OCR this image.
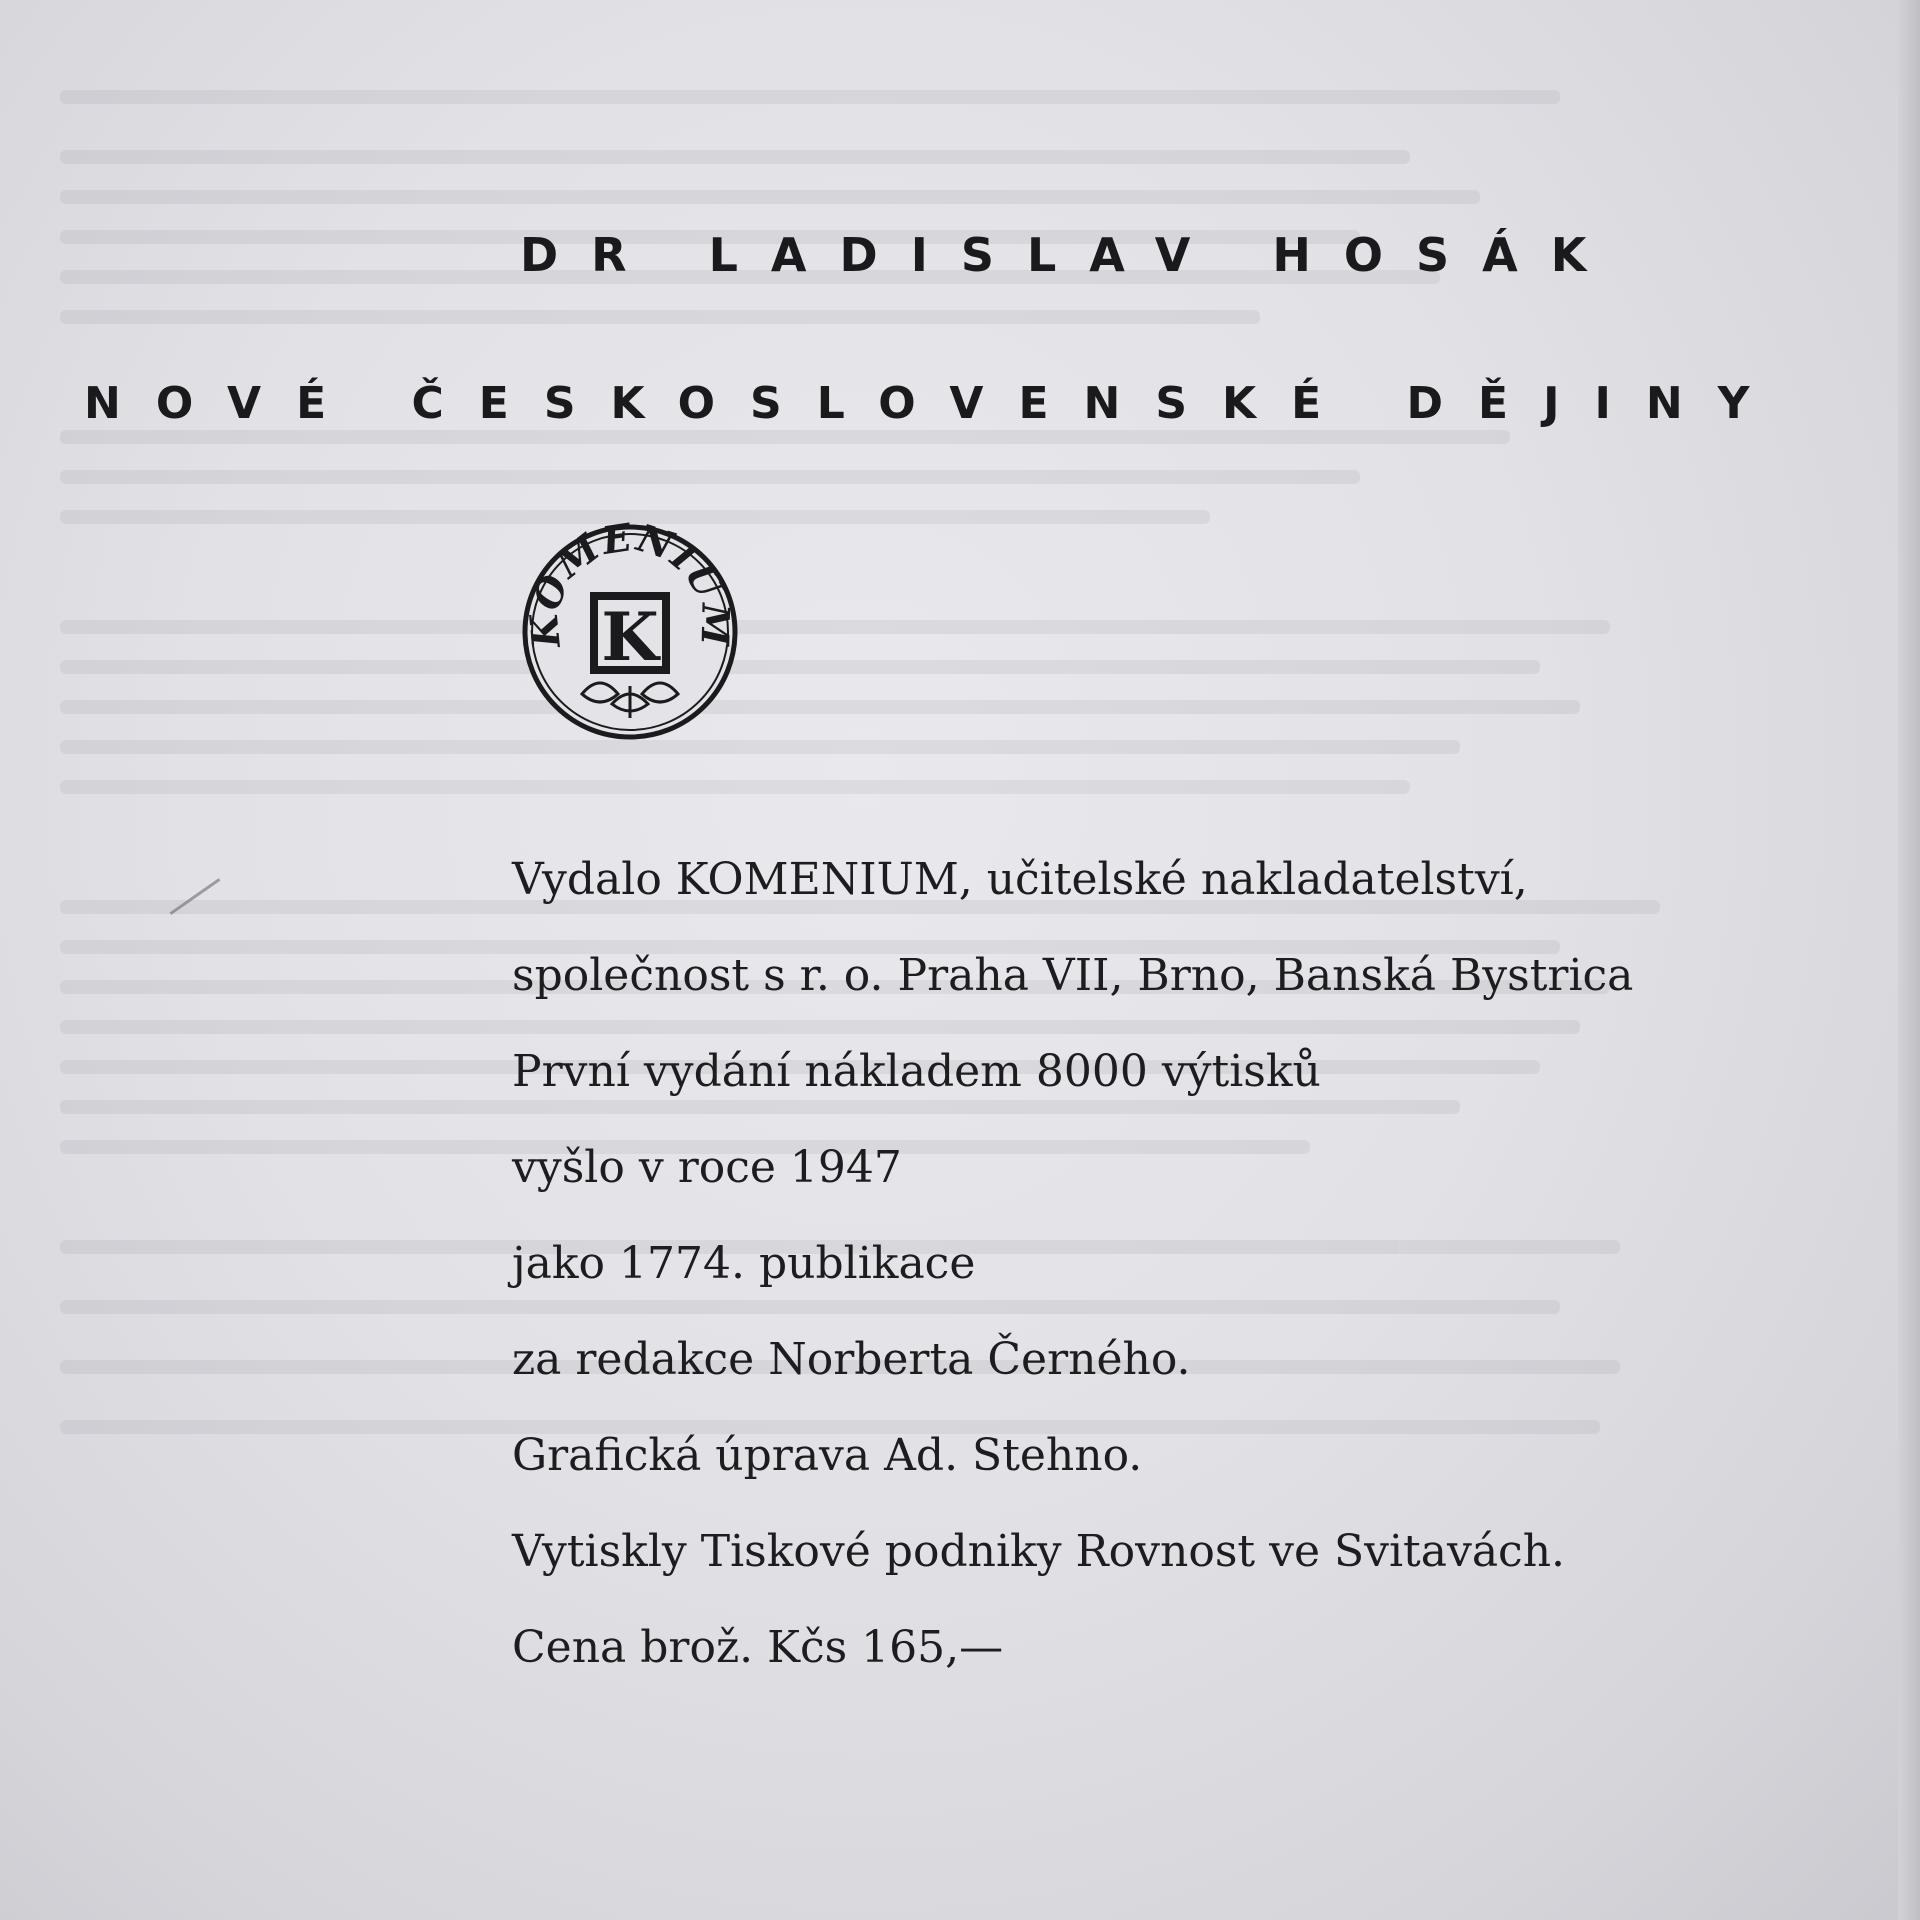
DR LADISLAV HOSÁK
NOVÉ ČESKOSLOVENSKÉ DĚJINY
KOMENIUM
K
Vydalo KOMENIUM, učitelské nakladatelství,
společnost s r. o. Praha VII, Brno, Banská Bystrica
První vydání nákladem 8000 výtisků
vyšlo v roce 1947
jako 1774. publikace
za redakce Norberta Černého.
Grafická úprava Ad. Stehno.
Vytiskly Tiskové podniky Rovnost ve Svitavách.
Cena brož. Kčs 165,—
